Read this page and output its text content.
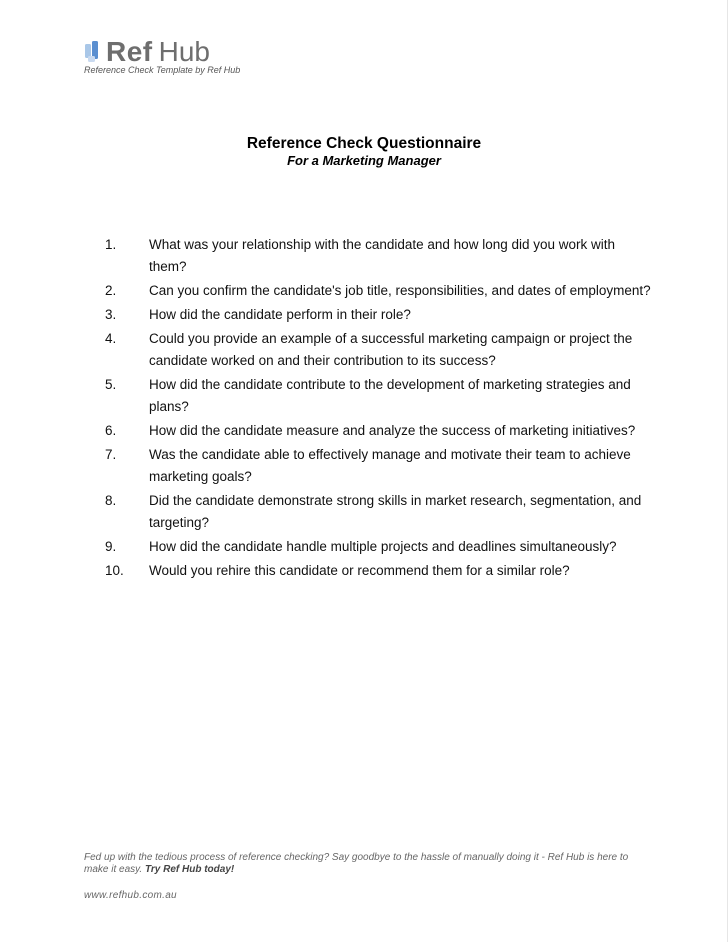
Ref Hub
Reference Check Template by Ref Hub
Reference Check Questionnaire
For a Marketing Manager
1.	What was your relationship with the candidate and how long did you work with them?
2.	Can you confirm the candidate's job title, responsibilities, and dates of employment?
3.	How did the candidate perform in their role?
4.	Could you provide an example of a successful marketing campaign or project the candidate worked on and their contribution to its success?
5.	How did the candidate contribute to the development of marketing strategies and plans?
6.	How did the candidate measure and analyze the success of marketing initiatives?
7.	Was the candidate able to effectively manage and motivate their team to achieve marketing goals?
8.	Did the candidate demonstrate strong skills in market research, segmentation, and targeting?
9.	How did the candidate handle multiple projects and deadlines simultaneously?
10.	Would you rehire this candidate or recommend them for a similar role?
Fed up with the tedious process of reference checking? Say goodbye to the hassle of manually doing it - Ref Hub is here to make it easy. Try Ref Hub today!
www.refhub.com.au
